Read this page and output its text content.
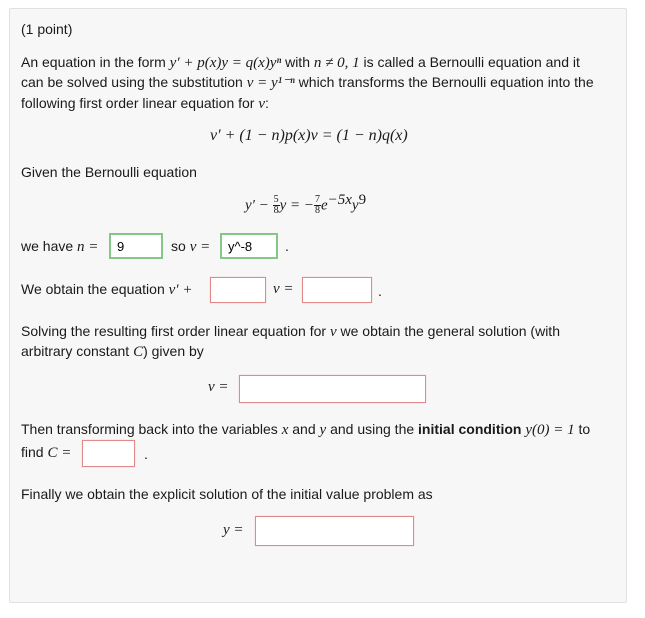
(1 point)
An equation in the form y′ + p(x)y = q(x)yⁿ with n ≠ 0, 1 is called a Bernoulli equation and it
can be solved using the substitution v = y¹⁻ⁿ which transforms the Bernoulli equation into the
following first order linear equation for v:
v′ + (1 − n)p(x)v = (1 − n)q(x)
Given the Bernoulli equation
$y' - \frac{5}{8}$ y = − $\frac{7}{8} e^{-5x}y^9$
we have n =
9	so v =
y^-8	.
We obtain the equation v′ +	v =	.
Solving the resulting first order linear equation for v we obtain the general solution (with
arbitrary constant C) given by
v =
Then transforming back into the variables x and y and using the initial condition y(0) = 1 to
find C =	.
Finally we obtain the explicit solution of the initial value problem as
y =
